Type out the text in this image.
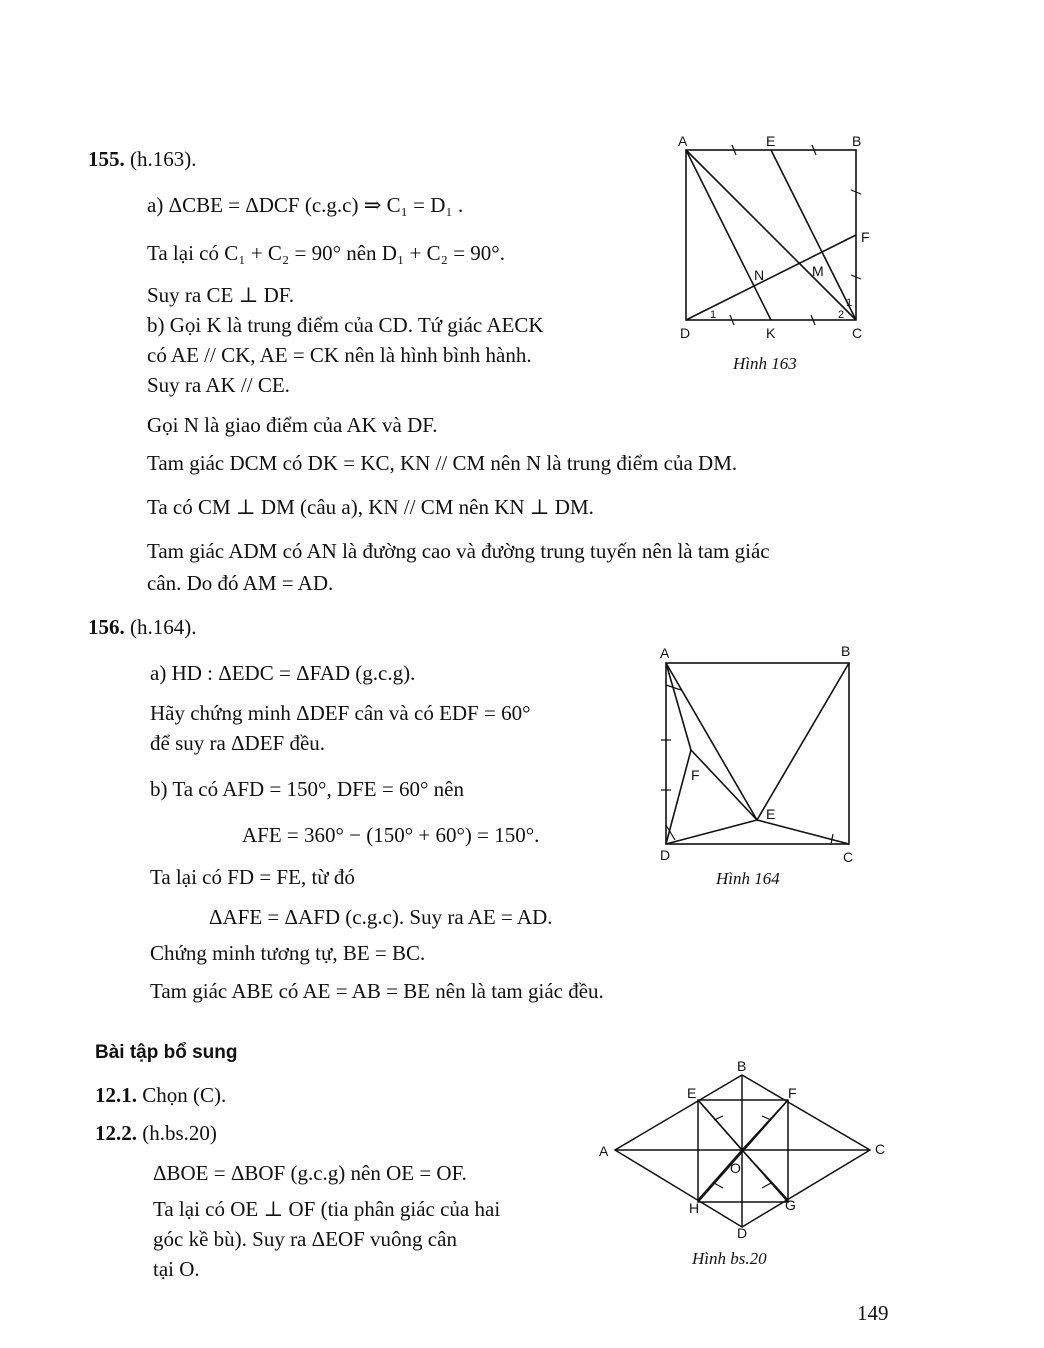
155. (h.163).
a) ΔCBE = ΔDCF (c.g.c) ⇒ C₁ = D₁ .
Ta lại có C₁ + C₂ = 90° nên D₁ + C₂ = 90°.
Suy ra CE ⊥ DF.
b) Gọi K là trung điểm của CD. Tứ giác AECK
có AE // CK, AE = CK nên là hình bình hành.
Suy ra AK // CE.
Gọi N là giao điểm của AK và DF.
Tam giác DCM có DK = KC, KN // CM nên N là trung điểm của DM.
Ta có CM ⊥ DM (câu a), KN // CM nên KN ⊥ DM.
Tam giác ADM có AN là đường cao và đường trung tuyến nên là tam giác
cân. Do đó AM = AD.
A	E	B
F
M
N
D	K	C
1
1
2
Hình 163
156. (h.164).
a) HD : ΔEDC = ΔFAD (g.c.g).
Hãy chứng minh ΔDEF cân và có EDF = 60°
để suy ra ΔDEF đều.
b) Ta có AFD = 150°, DFE = 60° nên
AFE = 360° − (150° + 60°) = 150°.
Ta lại có FD = FE, từ đó
ΔAFE = ΔAFD (c.g.c). Suy ra AE = AD.
Chứng minh tương tự, BE = BC.
Tam giác ABE có AE = AB = BE nên là tam giác đều.
A	B
F
E
D	C
Hình 164
Bài tập bổ sung
12.1. Chọn (C).
12.2. (h.bs.20)
ΔBOE = ΔBOF (g.c.g) nên OE = OF.
Ta lại có OE ⊥ OF (tia phân giác của hai
góc kề bù). Suy ra ΔEOF vuông cân
tại O.
B
E	F
A	C
O
H	G
D
Hình bs.20
149
